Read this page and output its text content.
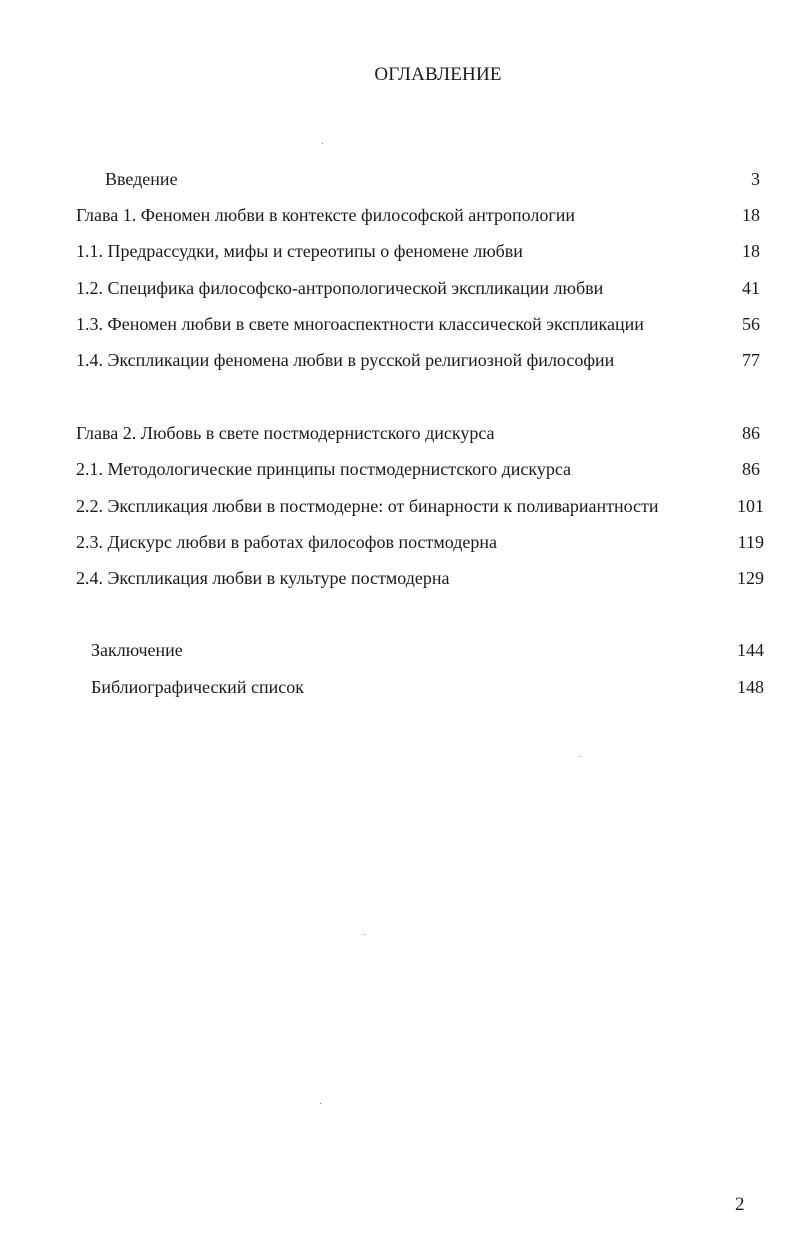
ОГЛАВЛЕНИЕ
Введение	3
Глава 1. Феномен любви в контексте философской антропологии	18
1.1. Предрассудки, мифы и стереотипы о феномене любви	18
1.2. Специфика философско-антропологической экспликации любви	41
1.3. Феномен любви в свете многоаспектности классической экспликации	56
1.4. Экспликации феномена любви в русской религиозной философии	77
Глава 2. Любовь в свете постмодернистского дискурса	86
2.1. Методологические принципы постмодернистского дискурса	86
2.2. Экспликация любви в постмодерне: от бинарности к поливариантности	101
2.3. Дискурс любви в работах философов постмодерна	119
2.4. Экспликация любви в культуре постмодерна	129
Заключение	144
Библиографический список	148
2
